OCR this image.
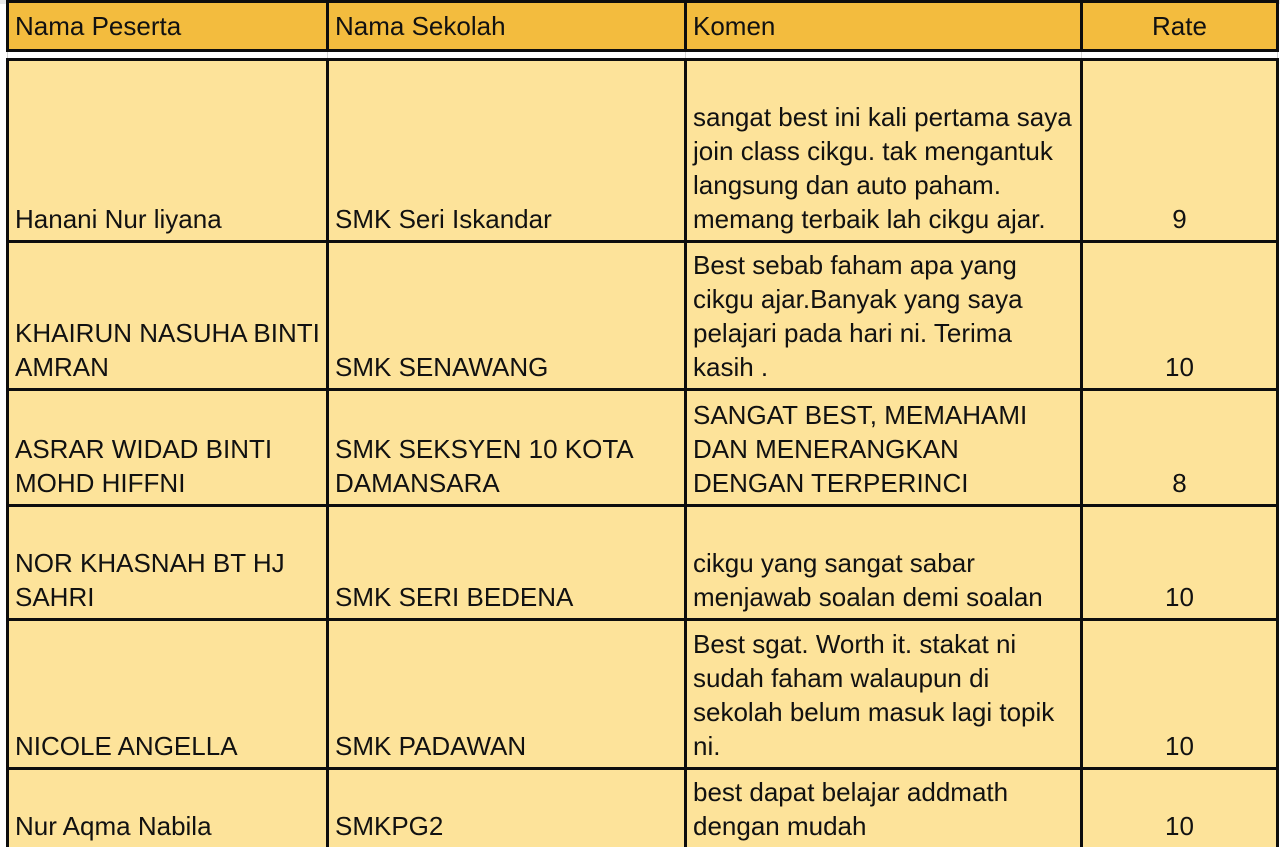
Nama Peserta	Nama Sekolah	Komen	Rate

Hanani Nur liyana	SMK Seri Iskandar	sangat best ini kali pertama saya join class cikgu. tak mengantuk langsung dan auto paham. memang terbaik lah cikgu ajar.	9
KHAIRUN NASUHA BINTI AMRAN	SMK SENAWANG	Best sebab faham apa yang cikgu ajar.Banyak yang saya pelajari pada hari ni. Terima kasih .	10
ASRAR WIDAD BINTI MOHD HIFFNI	SMK SEKSYEN 10 KOTA DAMANSARA	SANGAT BEST, MEMAHAMI DAN MENERANGKAN DENGAN TERPERINCI	8
NOR KHASNAH BT HJ SAHRI	SMK SERI BEDENA	cikgu yang sangat sabar menjawab soalan demi soalan	10
NICOLE ANGELLA	SMK PADAWAN	Best sgat. Worth it. stakat ni sudah faham walaupun di sekolah belum masuk lagi topik ni.	10
Nur Aqma Nabila	SMKPG2	best dapat belajar addmath dengan mudah	10
